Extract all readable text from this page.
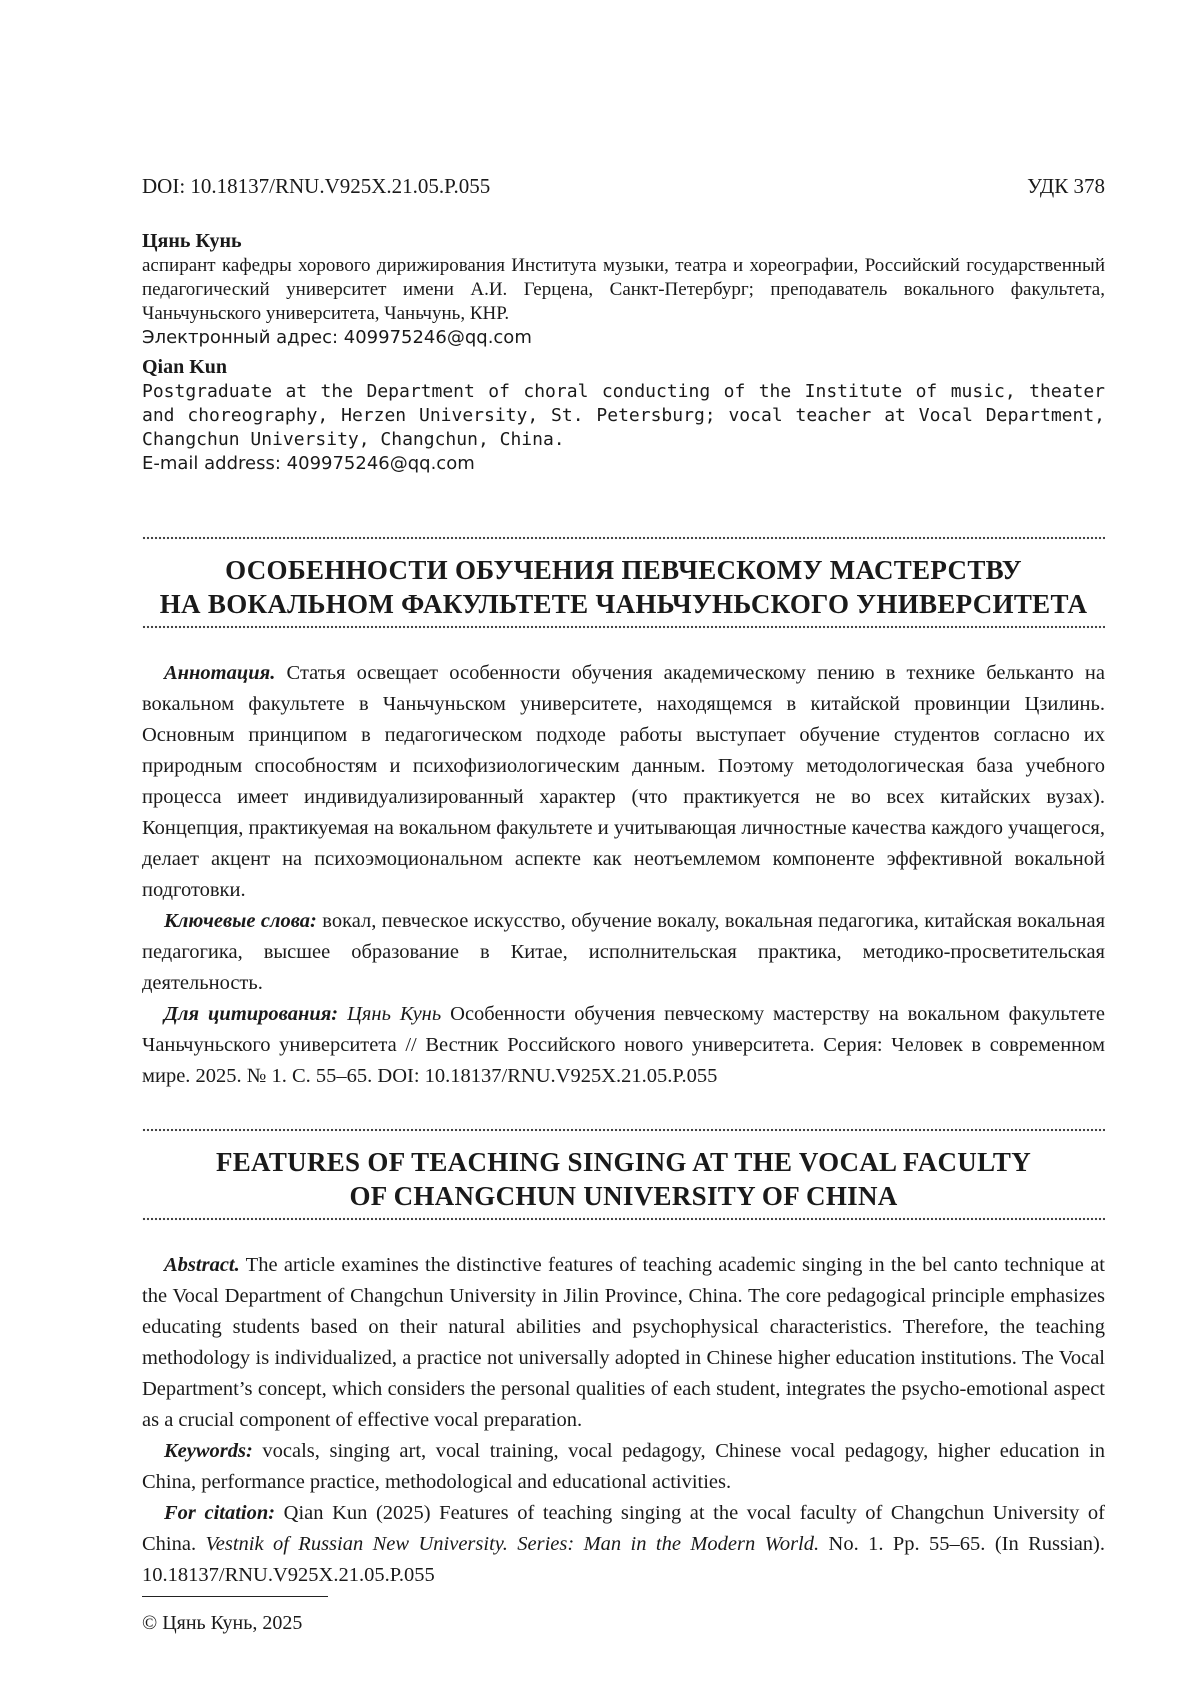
DOI: 10.18137/RNU.V925X.21.05.P.055	УДК 378
Цянь Кунь
аспирант кафедры хорового дирижирования Института музыки, театра и хореографии, Российский государственный педагогический университет имени А.И. Герцена, Санкт-Петербург; преподаватель вокального факультета, Чаньчуньского университета, Чаньчунь, КНР.
Электронный адрес: 409975246@qq.com
Qian Kun
Postgraduate at the Department of choral conducting of the Institute of music, theater and choreography, Herzen University, St. Petersburg; vocal teacher at Vocal Department, Changchun University, Changchun, China.
E-mail address: 409975246@qq.com
ОСОБЕННОСТИ ОБУЧЕНИЯ ПЕВЧЕСКОМУ МАСТЕРСТВУ
НА ВОКАЛЬНОМ ФАКУЛЬТЕТЕ ЧАНЬЧУНЬСКОГО УНИВЕРСИТЕТА

Аннотация. Статья освещает особенности обучения академическому пению в технике бельканто на вокальном факультете в Чаньчуньском университете, находящемся в китайской провинции Цзилинь. Основным принципом в педагогическом подходе работы выступает обучение студентов согласно их природным способностям и психофизиологическим данным. Поэтому методологическая база учебного процесса имеет индивидуализированный характер (что практикуется не во всех китайских вузах). Концепция, практикуемая на вокальном факультете и учитывающая личностные качества каждого учащегося, делает акцент на психоэмоциональном аспекте как неотъемлемом компоненте эффективной вокальной подготовки.

Ключевые слова: вокал, певческое искусство, обучение вокалу, вокальная педагогика, китайская вокальная педагогика, высшее образование в Китае, исполнительская практика, методико-просветительская деятельность.

Для цитирования: Цянь Кунь Особенности обучения певческому мастерству на вокальном факультете Чаньчуньского университета // Вестник Российского нового университета. Серия: Человек в современном мире. 2025. № 1. С. 55–65. DOI: 10.18137/RNU.V925X.21.05.P.055

FEATURES OF TEACHING SINGING AT THE VOCAL FACULTY
OF CHANGCHUN UNIVERSITY OF CHINA

Abstract. The article examines the distinctive features of teaching academic singing in the bel canto technique at the Vocal Department of Changchun University in Jilin Province, China. The core pedagogical principle emphasizes educating students based on their natural abilities and psychophysical characteristics. Therefore, the teaching methodology is individualized, a practice not universally adopted in Chinese higher education institutions. The Vocal Department’s concept, which considers the personal qualities of each student, integrates the psycho-emotional aspect as a crucial component of effective vocal preparation.

Keywords: vocals, singing art, vocal training, vocal pedagogy, Chinese vocal pedagogy, higher education in China, performance practice, methodological and educational activities.

For citation: Qian Kun (2025) Features of teaching singing at the vocal faculty of Changchun University of China. Vestnik of Russian New University. Series: Man in the Modern World. No. 1. Pp. 55–65. (In Russian). 10.18137/RNU.V925X.21.05.P.055

© Цянь Кунь, 2025
